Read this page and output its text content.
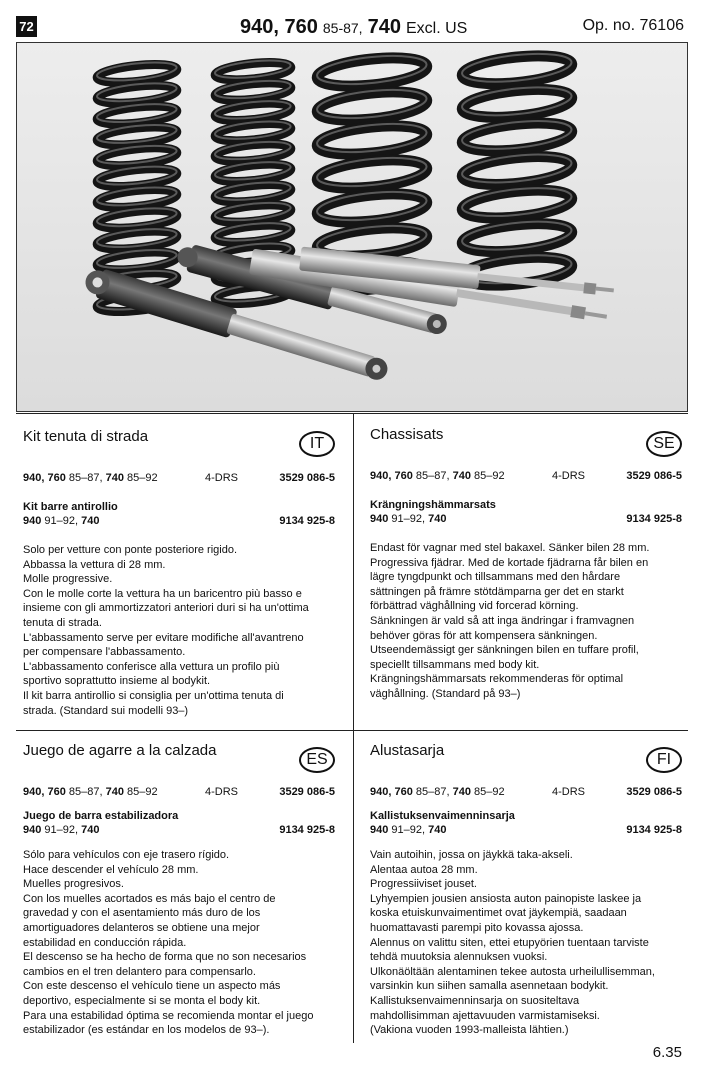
72	940, 760 85-87, 740 Excl. US	Op. no. 76106
Kit tenuta di strada	IT
940, 760 85–87, 740 85–92	4-DRS	3529 086-5
Kit barre antirollio
940 91–92, 740	9134 925-8
Solo per vetture con ponte posteriore rigido.
Abbassa la vettura di 28 mm.
Molle progressive.
Con le molle corte la vettura ha un baricentro più basso e
insieme con gli ammortizzatori anteriori duri si ha un'ottima
tenuta di strada.
L'abbassamento serve per evitare modifiche all'avantreno
per compensare l'abbassamento.
L'abbassamento conferisce alla vettura un profilo più
sportivo soprattutto insieme al bodykit.
Il kit barra antirollio si consiglia per un'ottima tenuta di
strada. (Standard sui modelli 93–)
Chassisats
SE
940, 760 85–87, 740 85–92	4-DRS	3529 086-5
Krängningshämmarsats
940 91–92, 740	9134 925-8
Endast för vagnar med stel bakaxel. Sänker bilen 28 mm.
Progressiva fjädrar. Med de kortade fjädrarna får bilen en
lägre tyngdpunkt och tillsammans med den hårdare
sättningen på främre stötdämparna ger det en starkt
förbättrad väghållning vid forcerad körning.
Sänkningen är vald så att inga ändringar i framvagnen
behöver göras för att kompensera sänkningen.
Utseendemässigt ger sänkningen bilen en tuffare profil,
speciellt tillsammans med body kit.
Krängningshämmarsats rekommenderas för optimal
väghållning. (Standard på 93–)
Juego de agarre a la calzada
ES
940, 760 85–87, 740 85–92	4-DRS	3529 086-5
Juego de barra estabilizadora
940 91–92, 740	9134 925-8
Sólo para vehículos con eje trasero rígido.
Hace descender el vehículo 28 mm.
Muelles progresivos.
Con los muelles acortados es más bajo el centro de
gravedad y con el asentamiento más duro de los
amortiguadores delanteros se obtiene una mejor
estabilidad en conducción rápida.
El descenso se ha hecho de forma que no son necesarios
cambios en el tren delantero para compensarlo.
Con este descenso el vehículo tiene un aspecto más
deportivo, especialmente si se monta el body kit.
Para una estabilidad óptima se recomienda montar el juego
estabilizador (es estándar en los modelos de 93–).
Alustasarja
FI
940, 760 85–87, 740 85–92	4-DRS	3529 086-5
Kallistuksenvaimenninsarja
940 91–92, 740	9134 925-8
Vain autoihin, jossa on jäykkä taka-akseli.
Alentaa autoa 28 mm.
Progressiiviset jouset.
Lyhyempien jousien ansiosta auton painopiste laskee ja
koska etuiskunvaimentimet ovat jäykempiä, saadaan
huomattavasti parempi pito kovassa ajossa.
Alennus on valittu siten, ettei etupyörien tuentaan tarviste
tehdä muutoksia alennuksen vuoksi.
Ulkonäöltään alentaminen tekee autosta urheilullisemman,
varsinkin kun siihen samalla asennetaan bodykit.
Kallistuksenvaimenninsarja on suositeltava
mahdollisimman ajettavuuden varmistamiseksi.
(Vakiona vuoden 1993-malleista lähtien.)
6.35
